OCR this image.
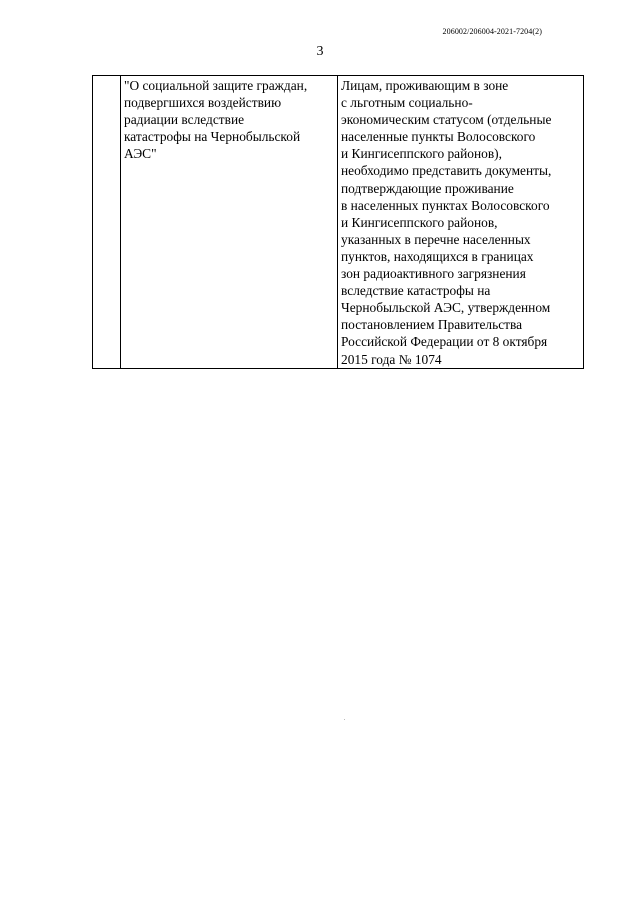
206002/206004-2021-7204(2)
3

"О социальной защите граждан,
подвергшихся воздействию
радиации вследствие
катастрофы на Чернобыльской
АЭС"

Лицам, проживающим в зоне
с льготным социально-
экономическим статусом (отдельные
населенные пункты Волосовского
и Кингисеппского районов),
необходимо представить документы,
подтверждающие проживание
в населенных пунктах Волосовского
и Кингисеппского районов,
указанных в перечне населенных
пунктов, находящихся в границах
зон радиоактивного загрязнения
вследствие катастрофы на
Чернобыльской АЭС, утвержденном
постановлением Правительства
Российской Федерации от 8 октября
2015 года № 1074
